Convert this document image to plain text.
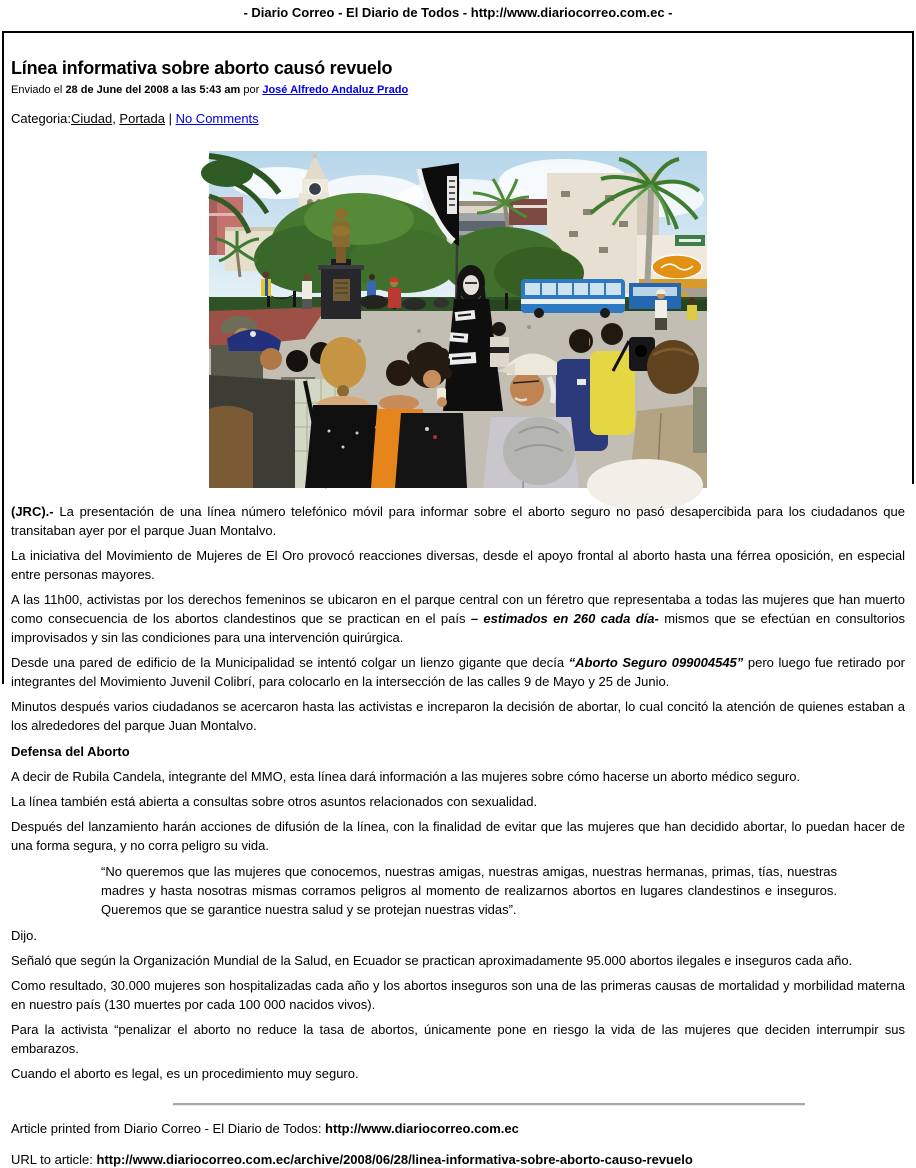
- Diario Correo - El Diario de Todos - http://www.diariocorreo.com.ec -
Línea informativa sobre aborto causó revuelo
Enviado el 28 de June del 2008 a las 5:43 am por José Alfredo Andaluz Prado
Categoria:Ciudad, Portada | No Comments

(JRC).- La presentación de una línea número telefónico móvil para informar sobre el aborto seguro no pasó desapercibida para los ciudadanos que transitaban ayer por el parque Juan Montalvo.

La iniciativa del Movimiento de Mujeres de El Oro provocó reacciones diversas, desde el apoyo frontal al aborto hasta una férrea oposición, en especial entre personas mayores.

A las 11h00, activistas por los derechos femeninos se ubicaron en el parque central con un féretro que representaba a todas las mujeres que han muerto como consecuencia de los abortos clandestinos que se practican en el país – estimados en 260 cada día- mismos que se efectúan en consultorios improvisados y sin las condiciones para una intervención quirúrgica.

Desde una pared de edificio de la Municipalidad se intentó colgar un lienzo gigante que decía “Aborto Seguro 099004545” pero luego fue retirado por integrantes del Movimiento Juvenil Colibrí, para colocarlo en la intersección de las calles 9 de Mayo y 25 de Junio.

Minutos después varios ciudadanos se acercaron hasta las activistas e increparon la decisión de abortar, lo cual concitó la atención de quienes estaban a los alrededores del parque Juan Montalvo.

Defensa del Aborto

A decir de Rubila Candela, integrante del MMO, esta línea dará información a las mujeres sobre cómo hacerse un aborto médico seguro.

La línea también está abierta a consultas sobre otros asuntos relacionados con sexualidad.

Después del lanzamiento harán acciones de difusión de la línea, con la finalidad de evitar que las mujeres que han decidido abortar, lo puedan hacer de una forma segura, y no corra peligro su vida.

“No queremos que las mujeres que conocemos, nuestras amigas, nuestras amigas, nuestras hermanas, primas, tías, nuestras madres y hasta nosotras mismas corramos peligros al momento de realizarnos abortos en lugares clandestinos e inseguros. Queremos que se garantice nuestra salud y se protejan nuestras vidas”.

Dijo.

Señaló que según la Organización Mundial de la Salud, en Ecuador se practican aproximadamente 95.000 abortos ilegales e inseguros cada año.

Como resultado, 30.000 mujeres son hospitalizadas cada año y los abortos inseguros son una de las primeras causas de mortalidad y morbilidad materna en nuestro país (130 muertes por cada 100 000 nacidos vivos).

Para la activista “penalizar el aborto no reduce la tasa de abortos, únicamente pone en riesgo la vida de las mujeres que deciden interrumpir sus embarazos.

Cuando el aborto es legal, es un procedimiento muy seguro.

Article printed from Diario Correo - El Diario de Todos: http://www.diariocorreo.com.ec

URL to article: http://www.diariocorreo.com.ec/archive/2008/06/28/linea-informativa-sobre-aborto-causo-revuelo
